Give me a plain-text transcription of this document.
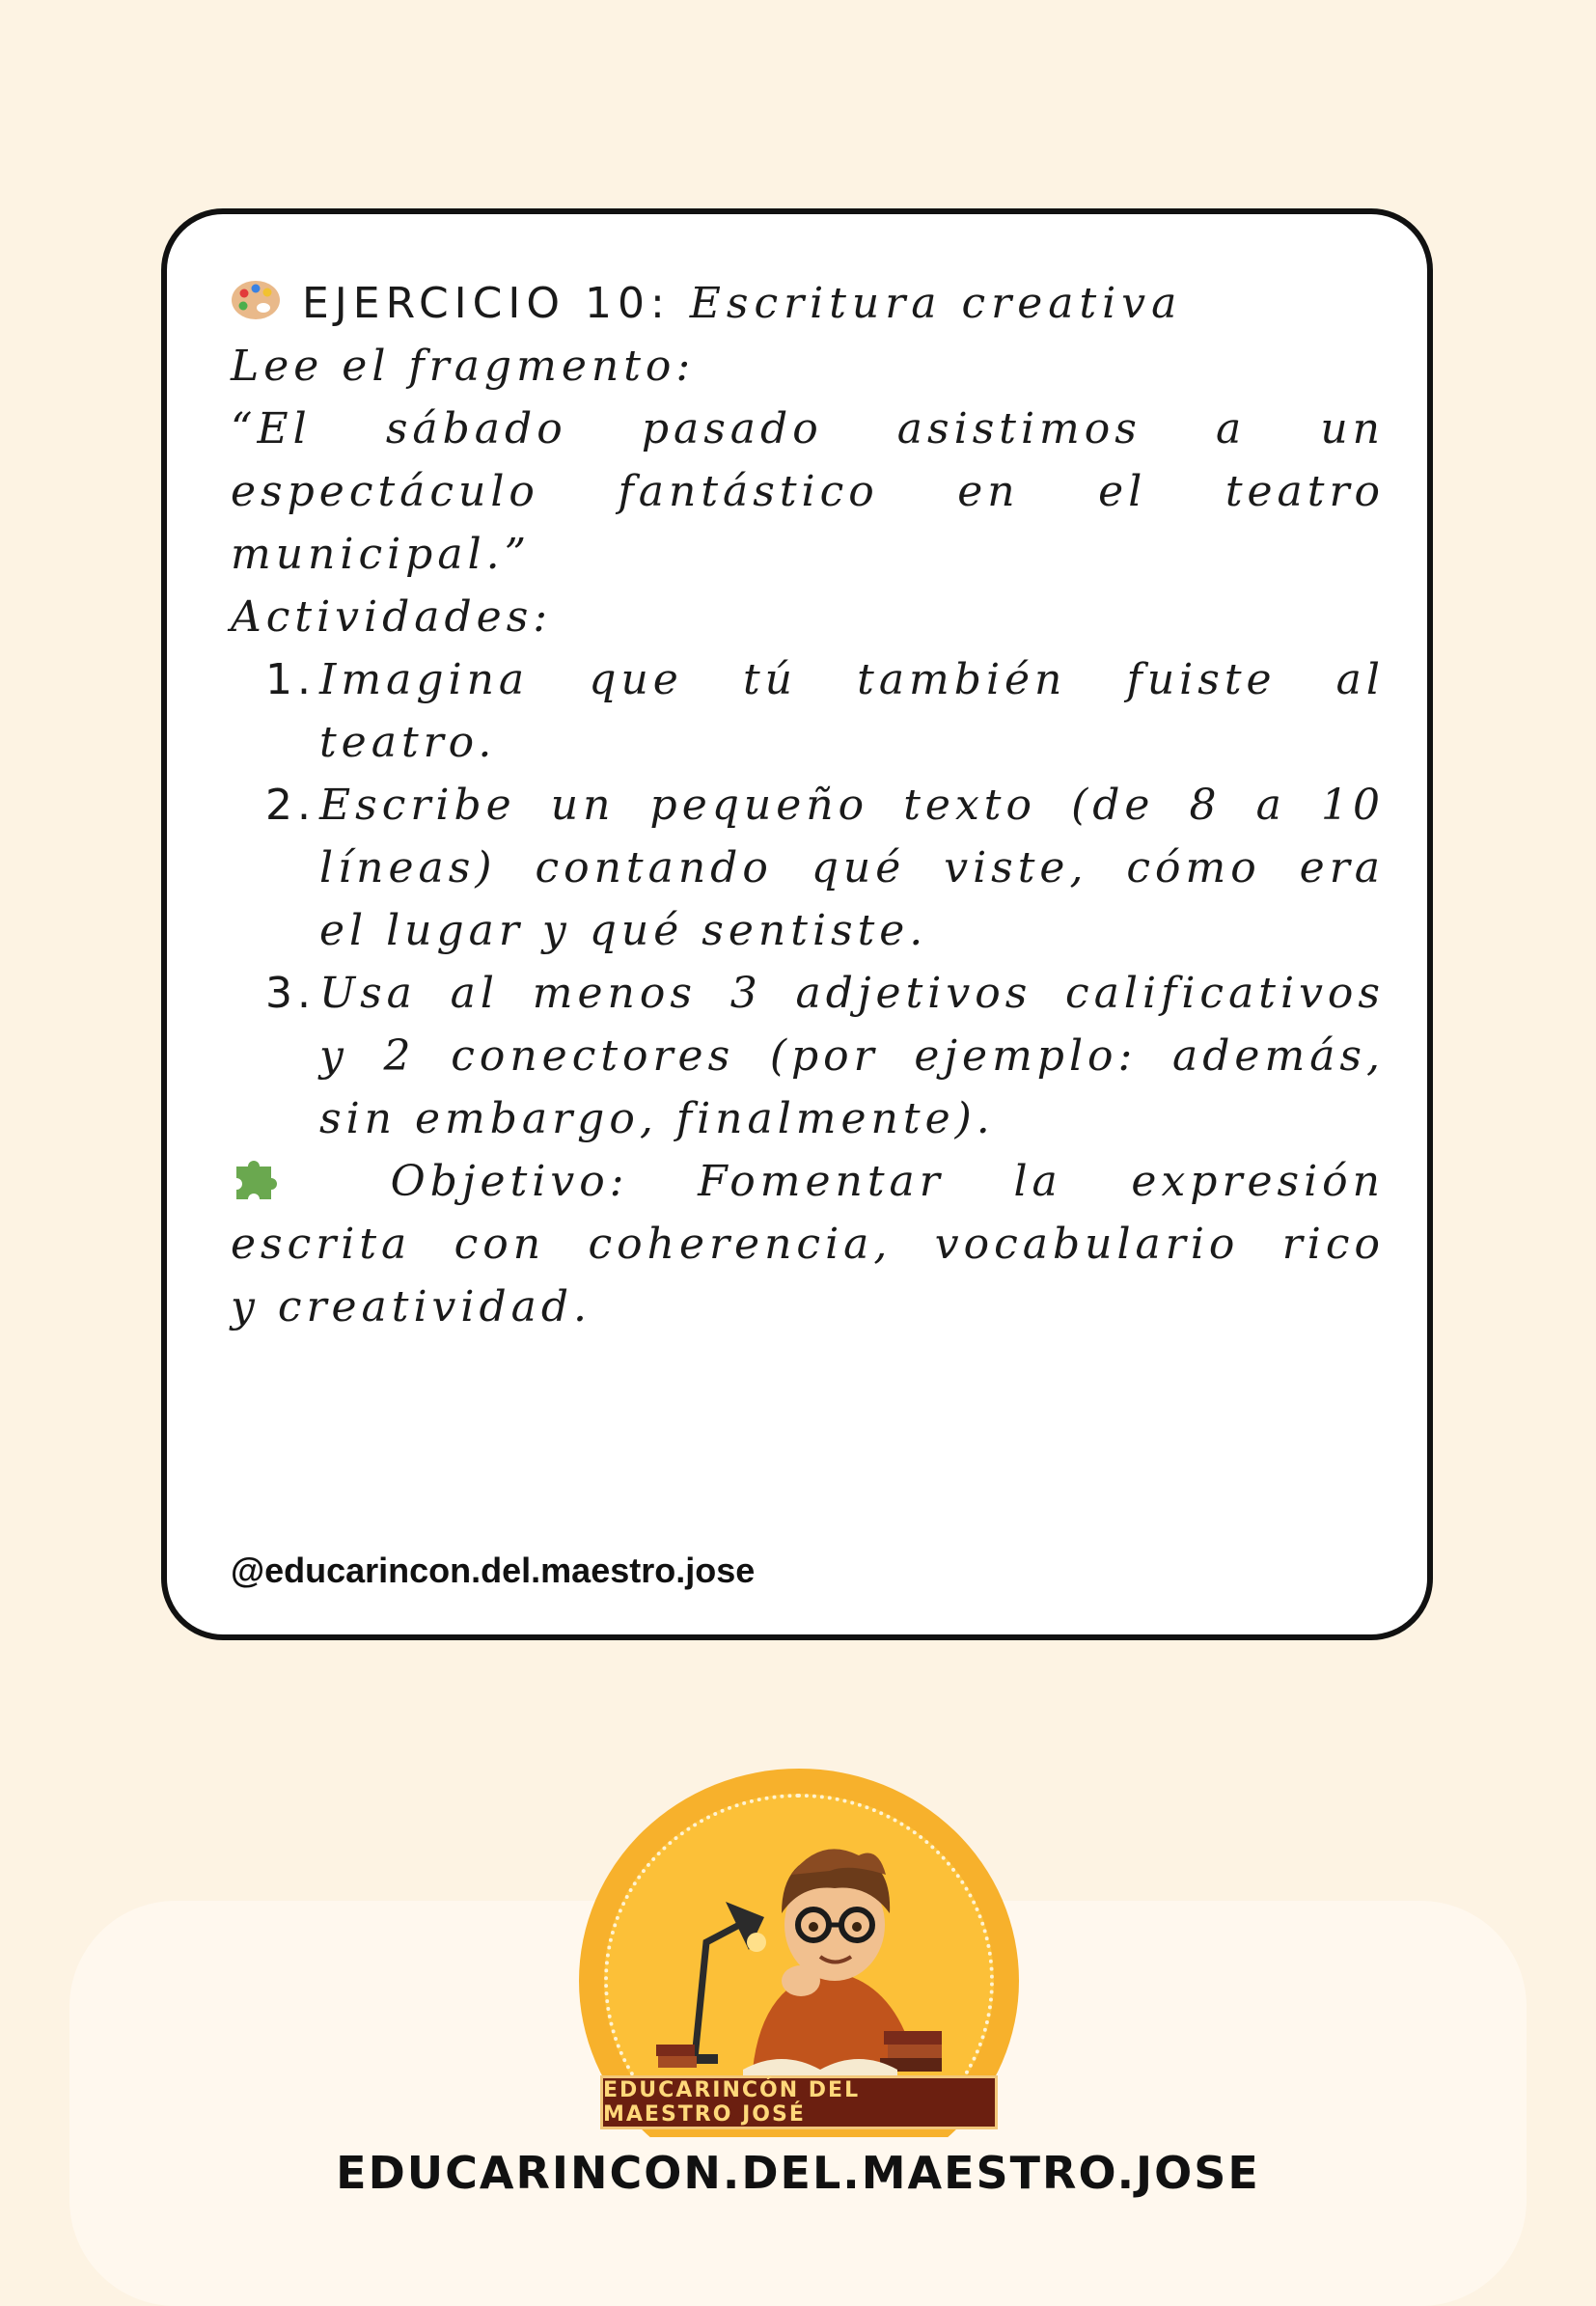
EJERCICIO 10: Escritura creativa
Lee el fragmento:
“El sábado pasado asistimos a un
espectáculo fantástico en el teatro
municipal.”
Actividades:
1. Imagina que tú también fuiste al
teatro.
2. Escribe un pequeño texto (de 8 a 10
líneas) contando qué viste, cómo era
el lugar y qué sentiste.
3. Usa al menos 3 adjetivos calificativos
y 2 conectores (por ejemplo: además,
sin embargo, finalmente).
Objetivo: Fomentar la expresión
escrita con coherencia, vocabulario rico
y creatividad.
@educarincon.del.maestro.jose
EDUCARINCÓN DEL MAESTRO JOSÉ
EDUCARINCON.DEL.MAESTRO.JOSE
